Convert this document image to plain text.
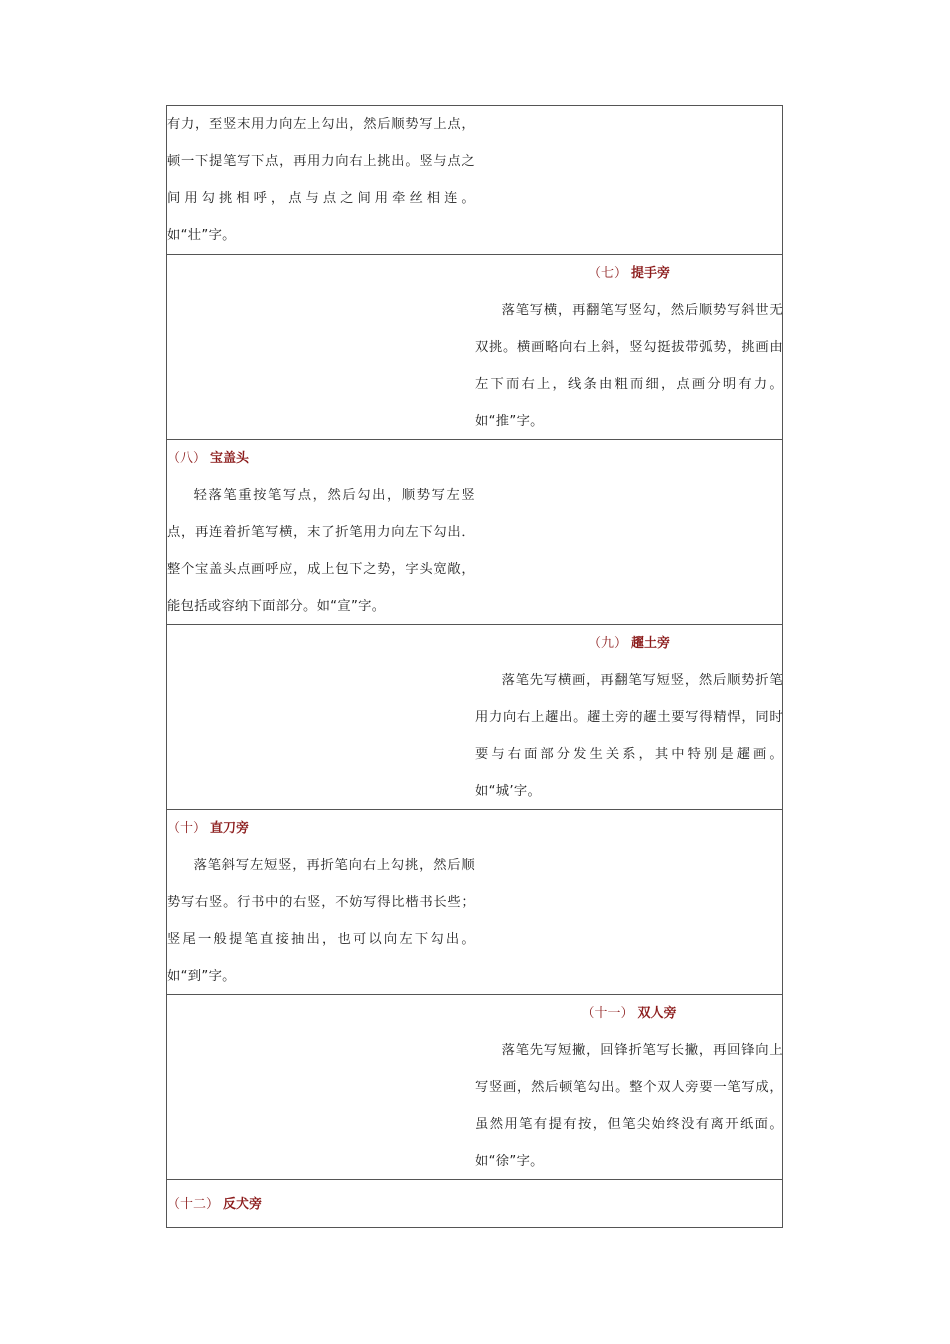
有力，至竖末用力向左上勾出，然后顺势写上点，顿一下提笔写下点，再用力向右上挑出。竖与点之间用勾挑相呼，点与点之间用牵丝相连。如“壮”字。

（七） 提手旁

落笔写横，再翻笔写竖勾，然后顺势写斜世无双挑。横画略向右上斜，竖勾挺拔带弧势，挑画由左下而右上，线条由粗而细，点画分明有力。如“推”字。

（八） 宝盖头

轻落笔重按笔写点，然后勾出，顺势写左竖点，再连着折笔写横，末了折笔用力向左下勾出．整个宝盖头点画呼应，成上包下之势，字头宽敞，能包括或容纳下面部分。如“宣”字。

（九） 趯土旁

落笔先写横画，再翻笔写短竖，然后顺势折笔用力向右上趯出。趯土旁的趯土要写得精悍，同时要与右面部分发生关系，其中特别是趯画。如“城’字。

（十） 直刀旁

落笔斜写左短竖，再折笔向右上勾挑，然后顺势写右竖。行书中的右竖，不妨写得比楷书长些；竖尾一般提笔直接抽出，也可以向左下勾出。如“到”字。

（十一） 双人旁

落笔先写短撇，回锋折笔写长撇，再回锋向上写竖画，然后顿笔勾出。整个双人旁要一笔写成，虽然用笔有提有按，但笔尖始终没有离开纸面。如“徐”字。

（十二） 反犬旁
